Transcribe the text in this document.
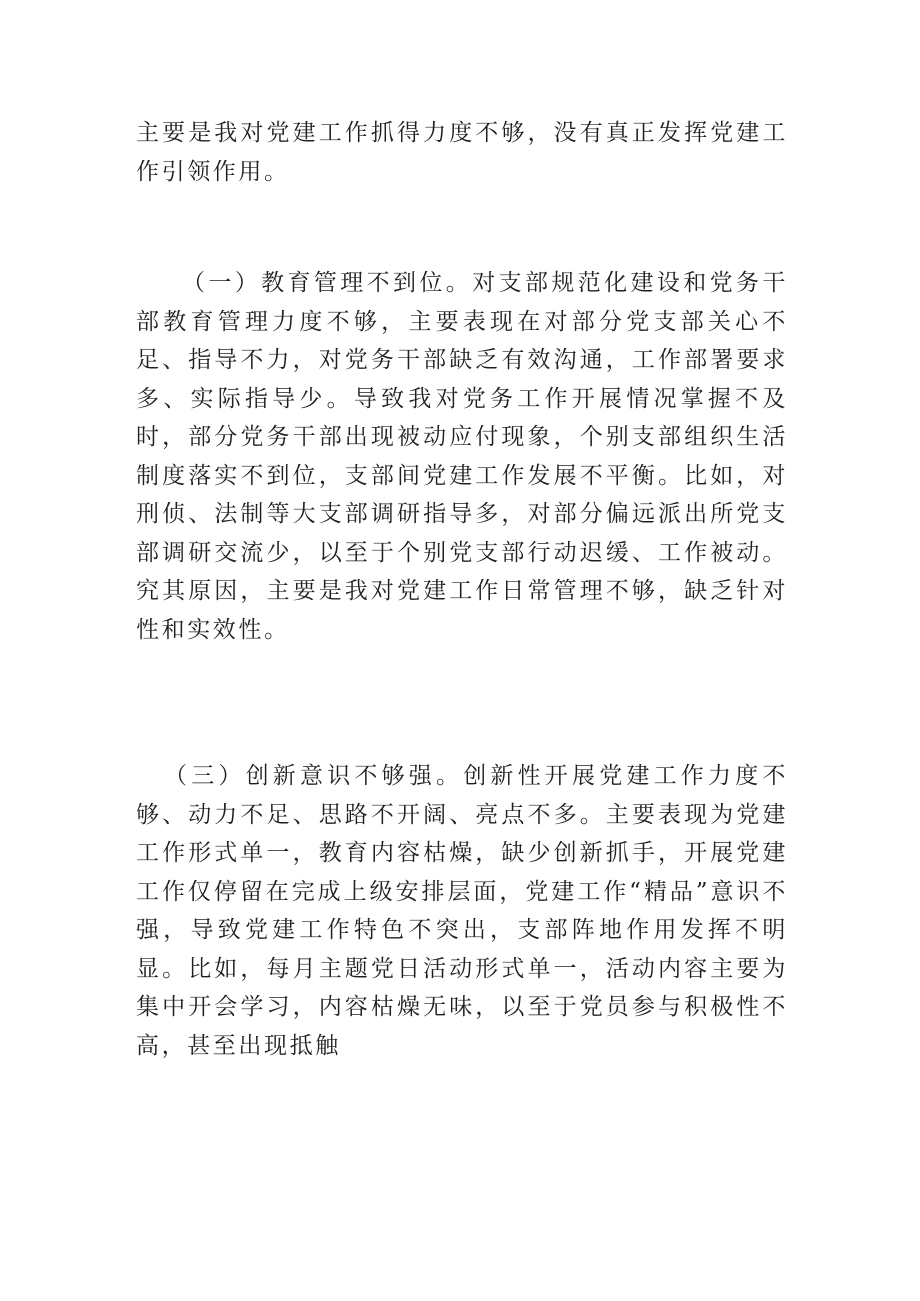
主要是我对党建工作抓得力度不够，没有真正发挥党建工作引领作用。

（一）教育管理不到位。对支部规范化建设和党务干部教育管理力度不够，主要表现在对部分党支部关心不足、指导不力，对党务干部缺乏有效沟通，工作部署要求多、实际指导少。导致我对党务工作开展情况掌握不及时，部分党务干部出现被动应付现象，个别支部组织生活制度落实不到位，支部间党建工作发展不平衡。比如，对刑侦、法制等大支部调研指导多，对部分偏远派出所党支部调研交流少，以至于个别党支部行动迟缓、工作被动。究其原因，主要是我对党建工作日常管理不够，缺乏针对性和实效性。

（三）创新意识不够强。创新性开展党建工作力度不够、动力不足、思路不开阔、亮点不多。主要表现为党建工作形式单一，教育内容枯燥，缺少创新抓手，开展党建工作仅停留在完成上级安排层面，党建工作“精品”意识不强，导致党建工作特色不突出，支部阵地作用发挥不明显。比如，每月主题党日活动形式单一，活动内容主要为集中开会学习，内容枯燥无味，以至于党员参与积极性不高，甚至出现抵触
